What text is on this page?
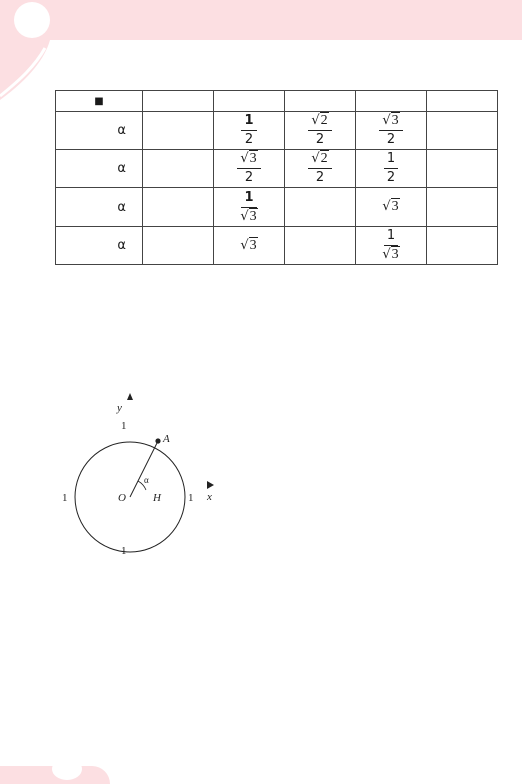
■					
α		$\frac{1}{2}$	$\frac{√2}{2}$	$\frac{√3}{2}$

α		$\frac{√3}{2}$	$\frac{√2}{2}$	$\frac{1}{2}$

α		$\frac{1}{√3}$		√3	
α		√3		$\frac{1}{√3}$

y
x
O
A
H
α
1
1
1	1
